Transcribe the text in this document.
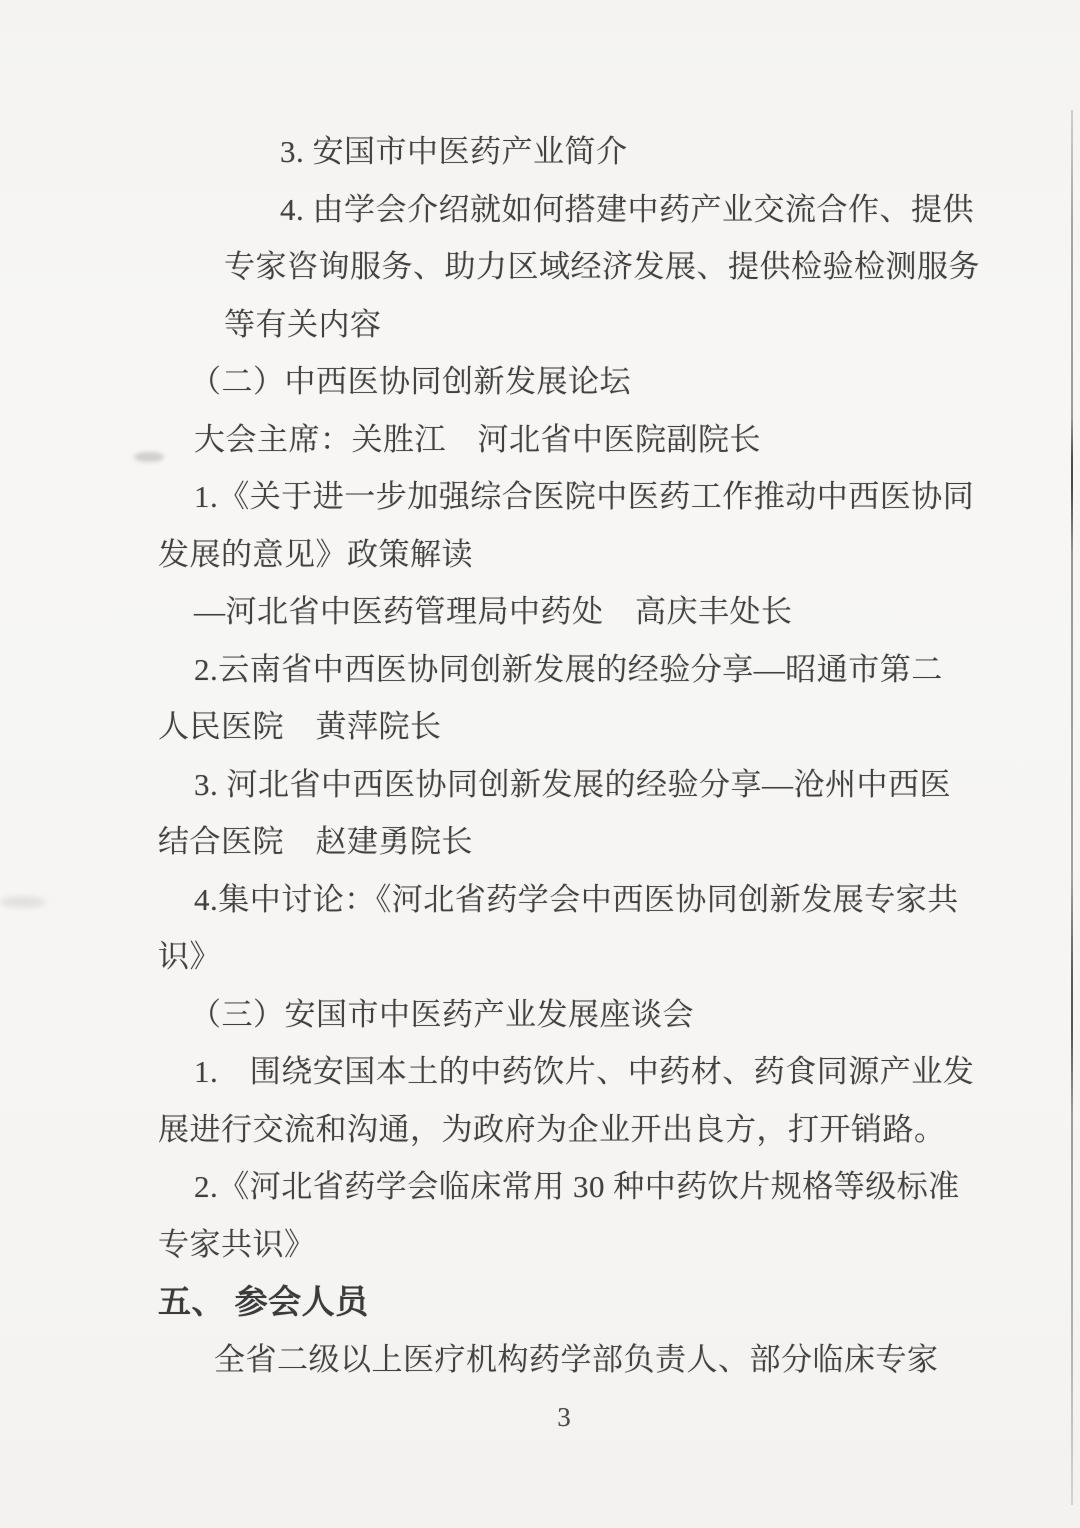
3. 安国市中医药产业简介
4. 由学会介绍就如何搭建中药产业交流合作、提供
专家咨询服务、助力区域经济发展、提供检验检测服务
等有关内容
（二）中西医协同创新发展论坛
大会主席：关胜江　河北省中医院副院长
1.《关于进一步加强综合医院中医药工作推动中西医协同
发展的意见》政策解读
—河北省中医药管理局中药处　高庆丰处长
2.云南省中西医协同创新发展的经验分享—昭通市第二
人民医院　黄萍院长
3. 河北省中西医协同创新发展的经验分享—沧州中西医
结合医院　赵建勇院长
4.集中讨论：《河北省药学会中西医协同创新发展专家共
识》
（三）安国市中医药产业发展座谈会
1.　围绕安国本土的中药饮片、中药材、药食同源产业发
展进行交流和沟通，为政府为企业开出良方，打开销路。
2.《河北省药学会临床常用 30 种中药饮片规格等级标准
专家共识》
五、 参会人员
全省二级以上医疗机构药学部负责人、部分临床专家
3
